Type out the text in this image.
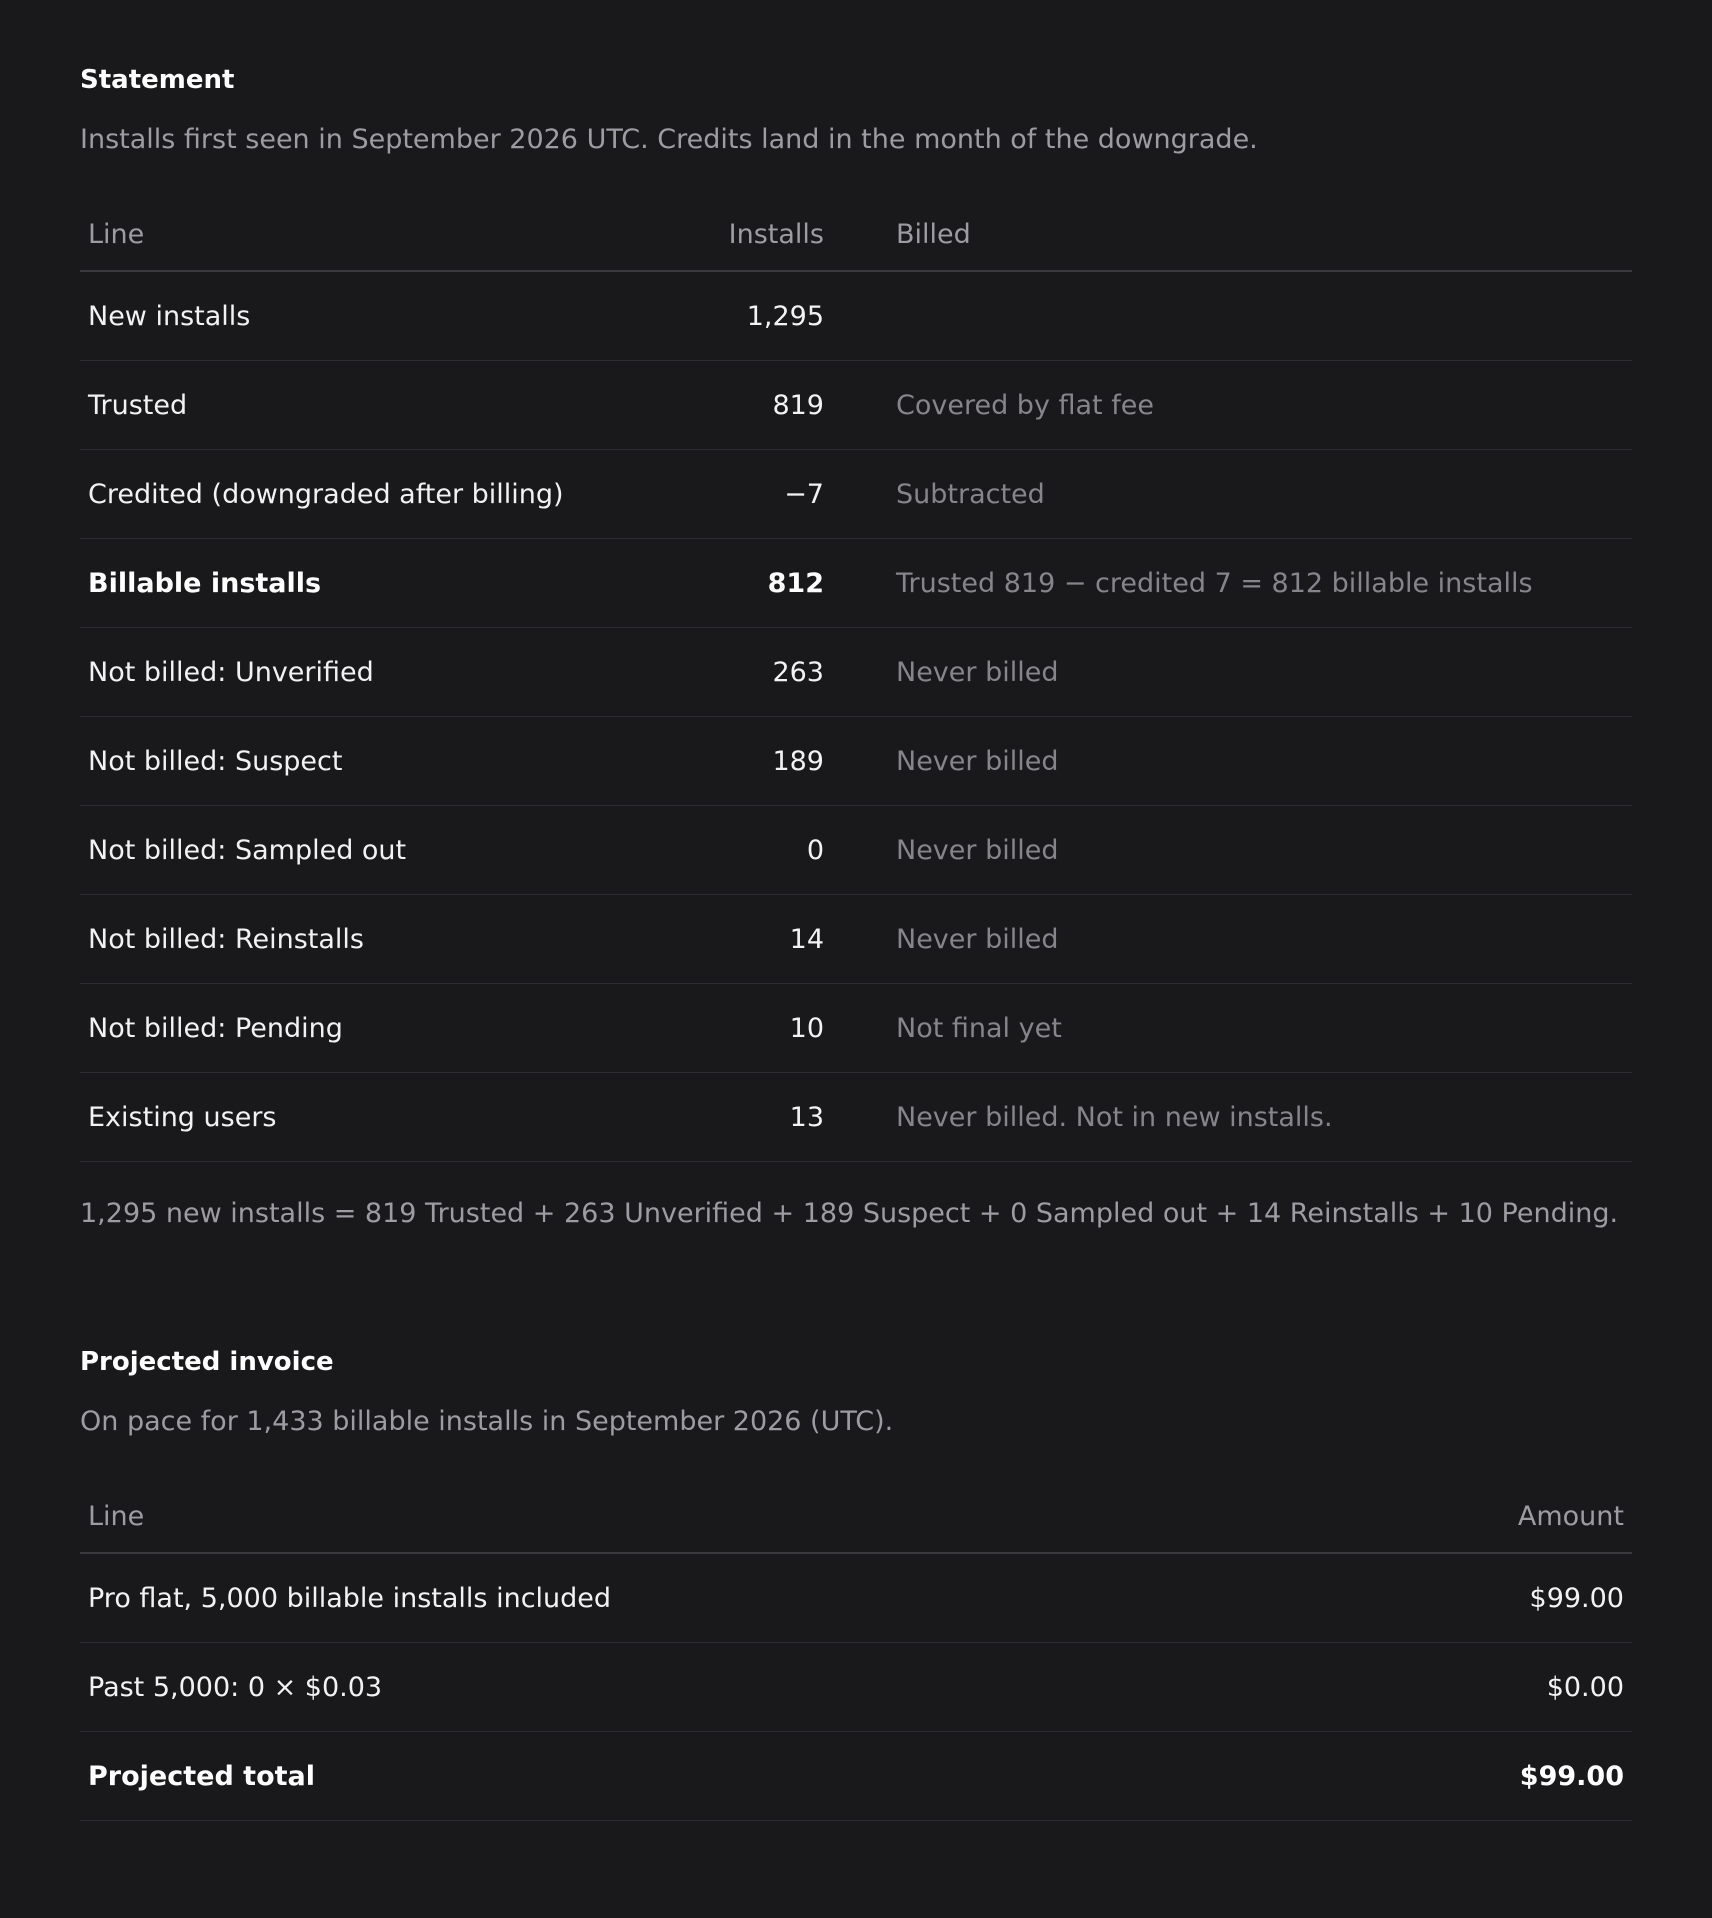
Statement

Installs first seen in September 2026 UTC. Credits land in the month of the downgrade.

Line	Installs	Billed
New installs	1,295	
Trusted	819	Covered by flat fee
Credited (downgraded after billing)	−7	Subtracted
Billable installs	812	Trusted 819 − credited 7 = 812 billable installs
Not billed: Unverified	263	Never billed
Not billed: Suspect	189	Never billed
Not billed: Sampled out	0	Never billed
Not billed: Reinstalls	14	Never billed
Not billed: Pending	10	Not final yet
Existing users	13	Never billed. Not in new installs.

1,295 new installs = 819 Trusted + 263 Unverified + 189 Suspect + 0 Sampled out + 14 Reinstalls + 10 Pending.

Projected invoice

On pace for 1,433 billable installs in September 2026 (UTC).

Line	Amount
Pro flat, 5,000 billable installs included	$99.00
Past 5,000: 0 × $0.03	$0.00
Projected total	$99.00
